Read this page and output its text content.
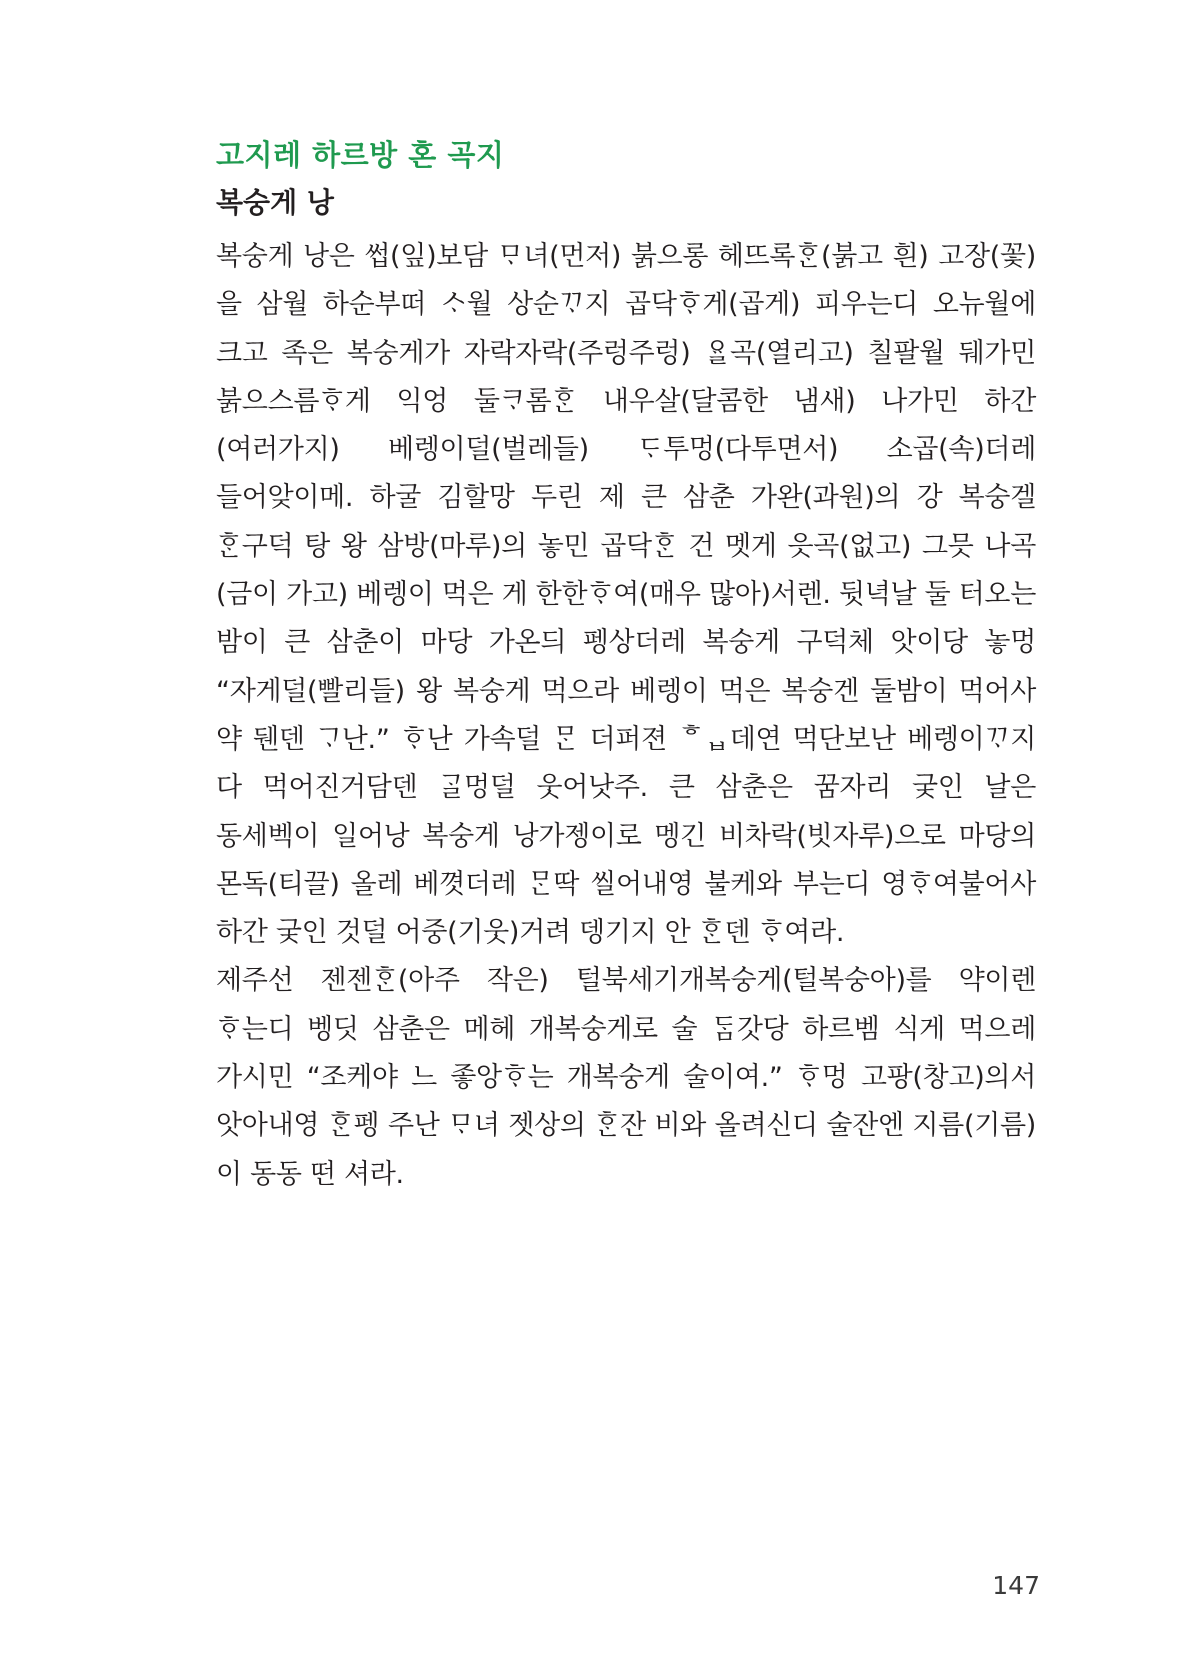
고지레 하르방 혼 곡지
복숭게 낭

복숭게 낭은 썹(잎)보담 ᄆᆞ녀(먼저) 붉으롱 헤뜨록ᄒᆞᆫ(붉고 흰) 고장(꽃)을 삼월 하순부떠 ᄉᆞ월 상순ᄁᆞ지 곱닥ᄒᆞ게(곱게) 피우는디 오뉴월에 크고 족은 복숭게가 자락자락(주렁주렁) ᄋᆢᆯ곡(열리고) 칠팔월 뒈가민 붉으스름ᄒᆞ게 익엉 둘ᄏᆞ롬ᄒᆞᆫ 내우살(달콤한 냄새) 나가민 하간(여러가지) 베렝이덜(벌레들) ᄃᆞ투멍(다투면서) 소곱(속)더레 들어앚이메. 하굴 김할망 두린 제 큰 삼춘 가완(과원)의 강 복숭겔 ᄒᆞᆫ구덕 탕 왕 삼방(마루)의 놓민 곱닥ᄒᆞᆫ 건 멧게 읏곡(없고) 그믓 나곡(금이 가고) 베렝이 먹은 게 한한ᄒᆞ여(매우 많아)서렌. 뒷녁날 둘 터오는 밤이 큰 삼춘이 마당 가온듸 펭상더레 복숭게 구덕체 앗이당 놓멍 “자게덜(빨리들) 왕 복숭게 먹으라 베렝이 먹은 복숭겐 둘밤이 먹어사 약 뒌덴 ᄀᆞ난.” ᄒᆞ난 가속덜 ᄆᆞᆫ 더퍼젼 ᄒᆸ데연 먹단보난 베렝이ᄁᆞ지 다 먹어진거담덴 ᄀᆞᆯ멍덜 웃어낫주. 큰 삼춘은 꿈자리 궂인 날은 동세벡이 일어낭 복숭게 낭가젱이로 멩긴 비차락(빗자루)으로 마당의 몬독(티끌) 올레 베꼇더레 ᄆᆞᆫ딱 씰어내영 불케와 부는디 영ᄒᆞ여불어사 하간 궂인 것덜 어중(기웃)거려 뎅기지 안 ᄒᆞᆫ덴 ᄒᆞ여라.

제주선 젠젠ᄒᆞᆫ(아주 작은) 털북세기개복숭게(털복숭아)를 약이렌 ᄒᆞ는디 벵딧 삼춘은 메헤 개복숭게로 술 ᄃᆞᆷ갓당 하르벰 식게 먹으레 가시민 “조케야 느 좋앙ᄒᆞ는 개복숭게 술이여.” ᄒᆞ멍 고팡(창고)의서 앗아내영 ᄒᆞᆫ펭 주난 ᄆᆞ녀 젯상의 ᄒᆞᆫ잔 비와 올려신디 술잔엔 지름(기름)이 동동 떤 셔라.

147
